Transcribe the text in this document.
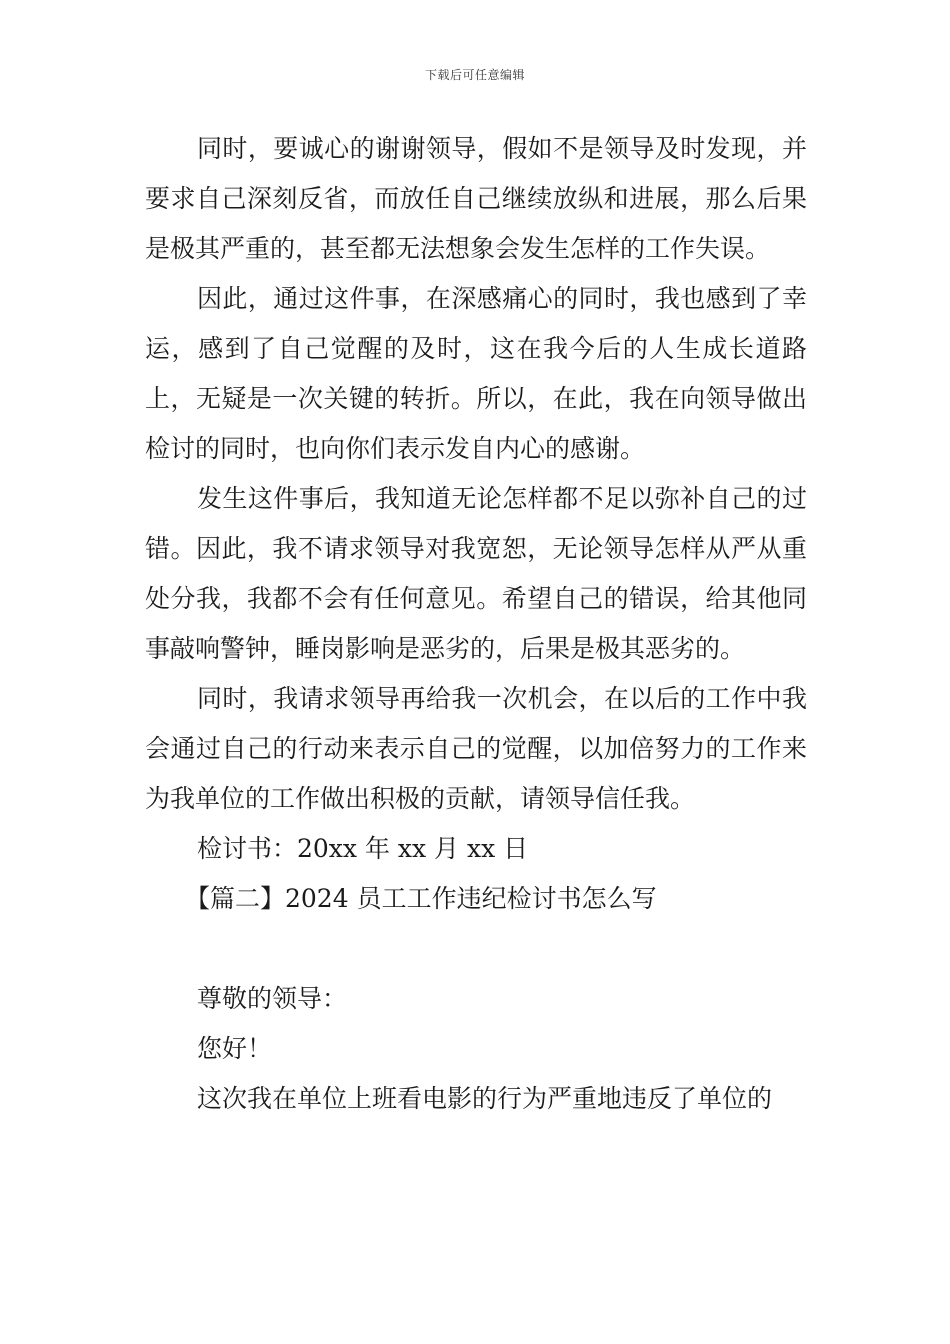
下载后可任意编辑

同时，要诚心的谢谢领导，假如不是领导及时发现，并要求自己深刻反省，而放任自己继续放纵和进展，那么后果是极其严重的，甚至都无法想象会发生怎样的工作失误。

因此，通过这件事，在深感痛心的同时，我也感到了幸运，感到了自己觉醒的及时，这在我今后的人生成长道路上，无疑是一次关键的转折。所以，在此，我在向领导做出检讨的同时，也向你们表示发自内心的感谢。

发生这件事后，我知道无论怎样都不足以弥补自己的过错。因此，我不请求领导对我宽恕，无论领导怎样从严从重处分我，我都不会有任何意见。希望自己的错误，给其他同事敲响警钟，睡岗影响是恶劣的，后果是极其恶劣的。

同时，我请求领导再给我一次机会，在以后的工作中我会通过自己的行动来表示自己的觉醒，以加倍努力的工作来为我单位的工作做出积极的贡献，请领导信任我。

检讨书：20xx 年 xx 月 xx 日

【篇二】2024 员工工作违纪检讨书怎么写

尊敬的领导：

您好！

这次我在单位上班看电影的行为严重地违反了单位的
